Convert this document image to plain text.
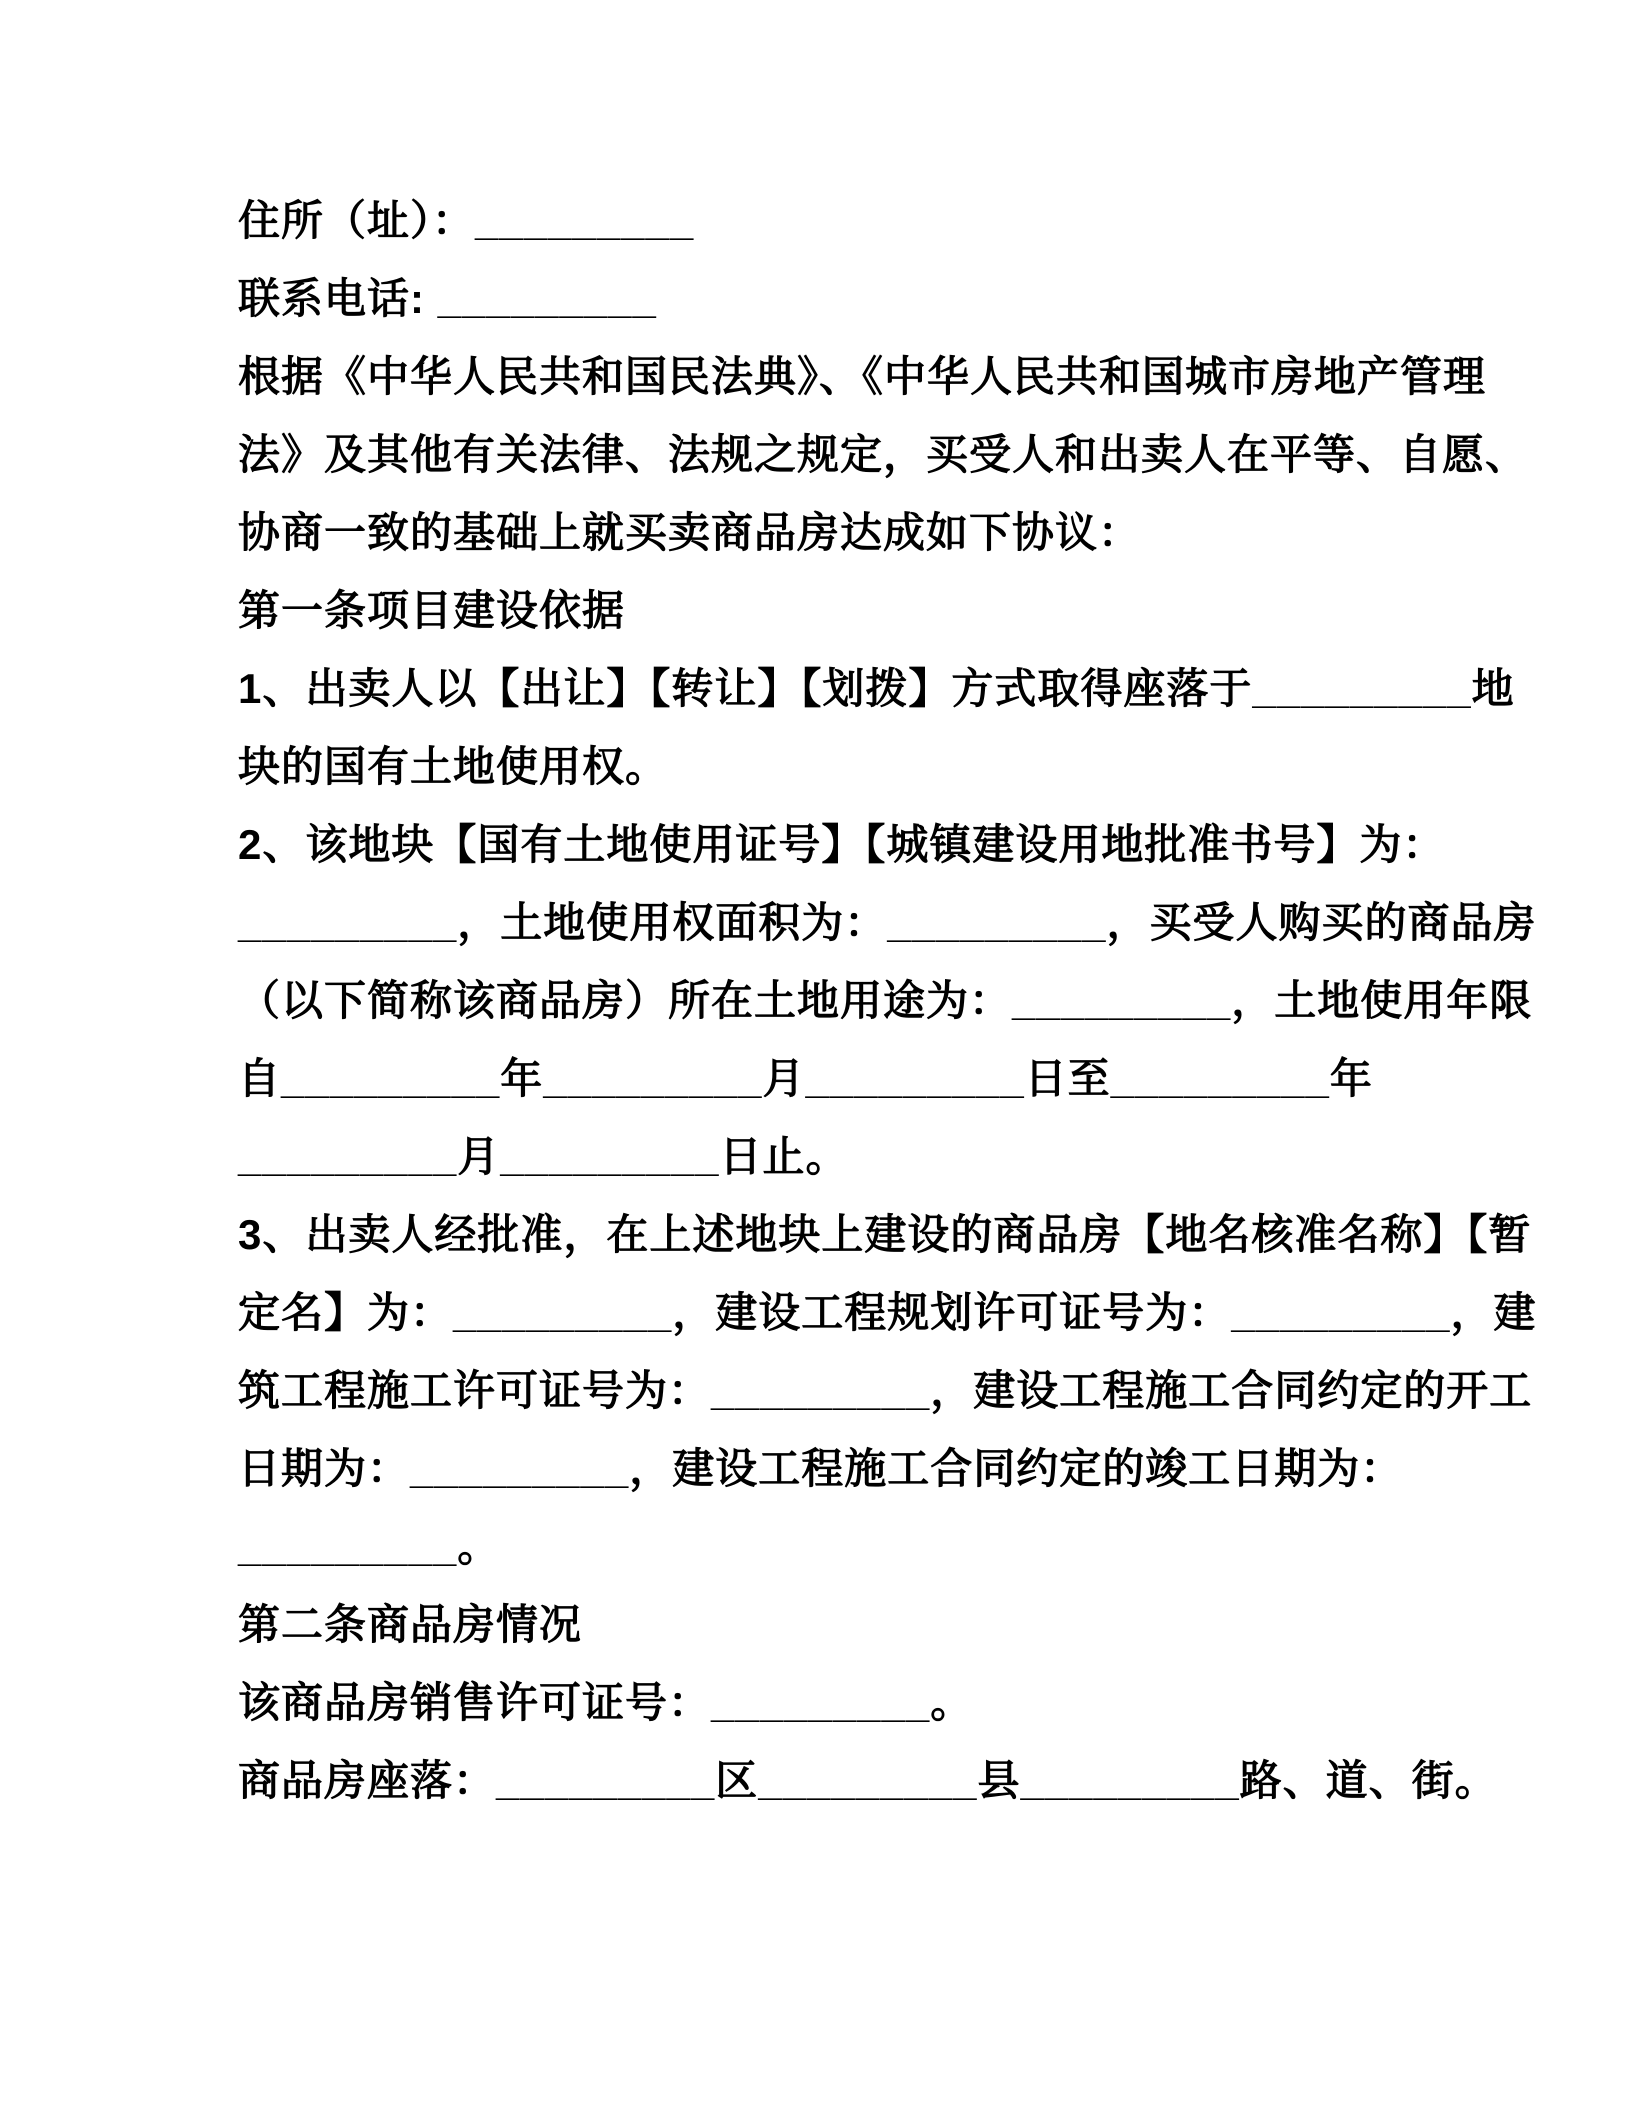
住所（址）：_________
联系电话: _________
根据《中华人民共和国民法典》、《中华人民共和国城市房地产管理
法》及其他有关法律、法规之规定，买受人和出卖人在平等、自愿、
协商一致的基础上就买卖商品房达成如下协议：
第一条项目建设依据
1、出卖人以【出让】【转让】【划拨】方式取得座落于_________地
块的国有土地使用权。
2、该地块【国有土地使用证号】【城镇建设用地批准书号】为：
_________，土地使用权面积为：_________，买受人购买的商品房
（以下简称该商品房）所在土地用途为：_________，土地使用年限
自_________年_________月_________日至_________年
_________月_________日止。
3、出卖人经批准，在上述地块上建设的商品房【地名核准名称】【暂
定名】为：_________，建设工程规划许可证号为：_________，建
筑工程施工许可证号为：_________，建设工程施工合同约定的开工
日期为：_________，建设工程施工合同约定的竣工日期为：
_________。
第二条商品房情况
该商品房销售许可证号：_________。
商品房座落：_________区_________县_________路、道、街。
